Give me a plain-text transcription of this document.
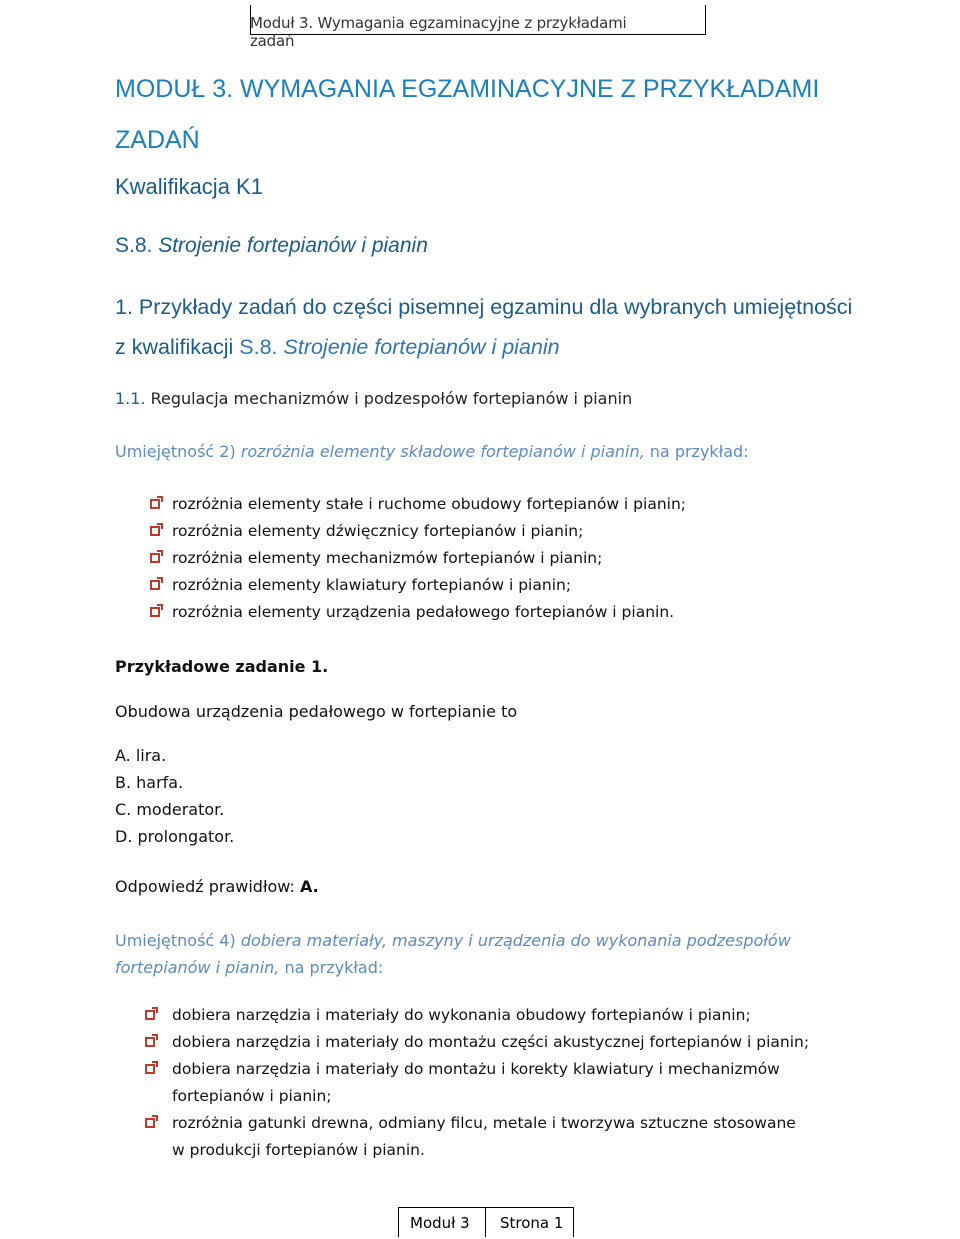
Moduł 3. Wymagania egzaminacyjne z przykładami zadań
MODUŁ 3. WYMAGANIA EGZAMINACYJNE Z PRZYKŁADAMI ZADAŃ
Kwalifikacja K1
S.8. Strojenie fortepianów i pianin
1. Przykłady zadań do części pisemnej egzaminu dla wybranych umiejętności z kwalifikacji S.8. Strojenie fortepianów i pianin
1.1. Regulacja mechanizmów i podzespołów fortepianów i pianin
Umiejętność 2) rozróżnia elementy składowe fortepianów i pianin, na przykład:
rozróżnia elementy stałe i ruchome obudowy fortepianów i pianin;
rozróżnia elementy dźwięcznicy fortepianów i pianin;
rozróżnia elementy mechanizmów fortepianów i pianin;
rozróżnia elementy klawiatury fortepianów i pianin;
rozróżnia elementy urządzenia pedałowego fortepianów i pianin.
Przykładowe zadanie 1.
Obudowa urządzenia pedałowego w fortepianie to
A. lira.
B. harfa.
C. moderator.
D. prolongator.
Odpowiedź prawidłow: A.
Umiejętność 4) dobiera materiały, maszyny i urządzenia do wykonania podzespołów
fortepianów i pianin, na przykład:
dobiera narzędzia i materiały do wykonania obudowy fortepianów i pianin;
dobiera narzędzia i materiały do montażu części akustycznej fortepianów i pianin;
dobiera narzędzia i materiały do montażu i korekty klawiatury i mechanizmów
fortepianów i pianin;
rozróżnia gatunki drewna, odmiany filcu, metale i tworzywa sztuczne stosowane
w produkcji fortepianów i pianin.
Moduł 3 Strona 1
